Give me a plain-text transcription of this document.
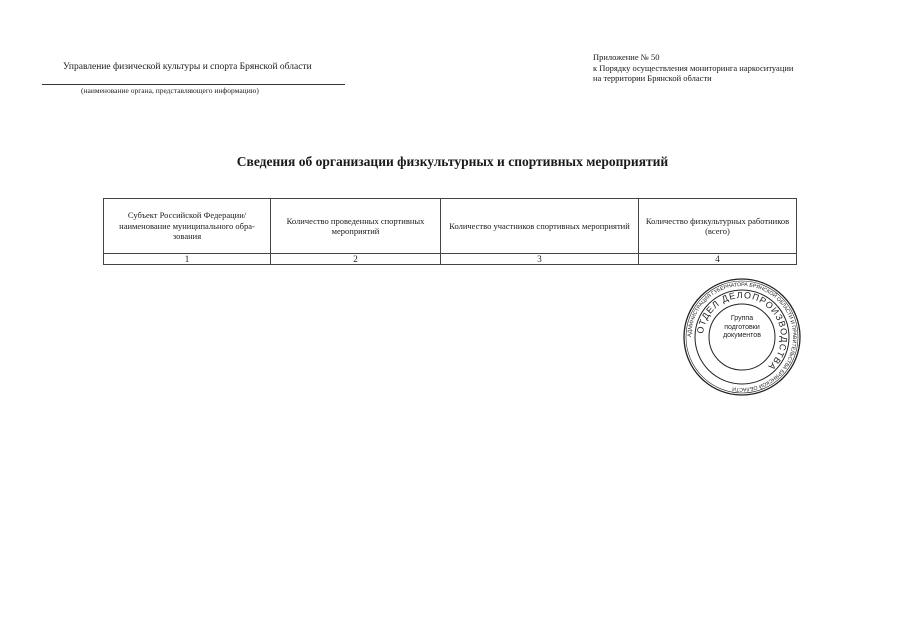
Управление физической культуры и спорта Брянской области
(наименование органа, представляющего информацию)
Приложение № 50
к Порядку осуществления мониторинга наркоситуации
на территории Брянской области
Сведения об организации физкультурных и спортивных мероприятий
Субъект Российской Федерации/ наименование муниципального обра- зования	Количество проведенных спортивных мероприятий	Количество участников спортивных мероприятий	Количество физкультурных работников (всего)
1	2	3	4
АДМИНИСТРАЦИЯ ГУБЕРНАТОРА БРЯНСКОЙ ОБЛАСТИ И ПРАВИТЕЛЬСТВА БРЯНСКОЙ ОБЛАСТИ
ОТДЕЛ ДЕЛОПРОИЗВОДСТВА
Группа
подготовки
документов
